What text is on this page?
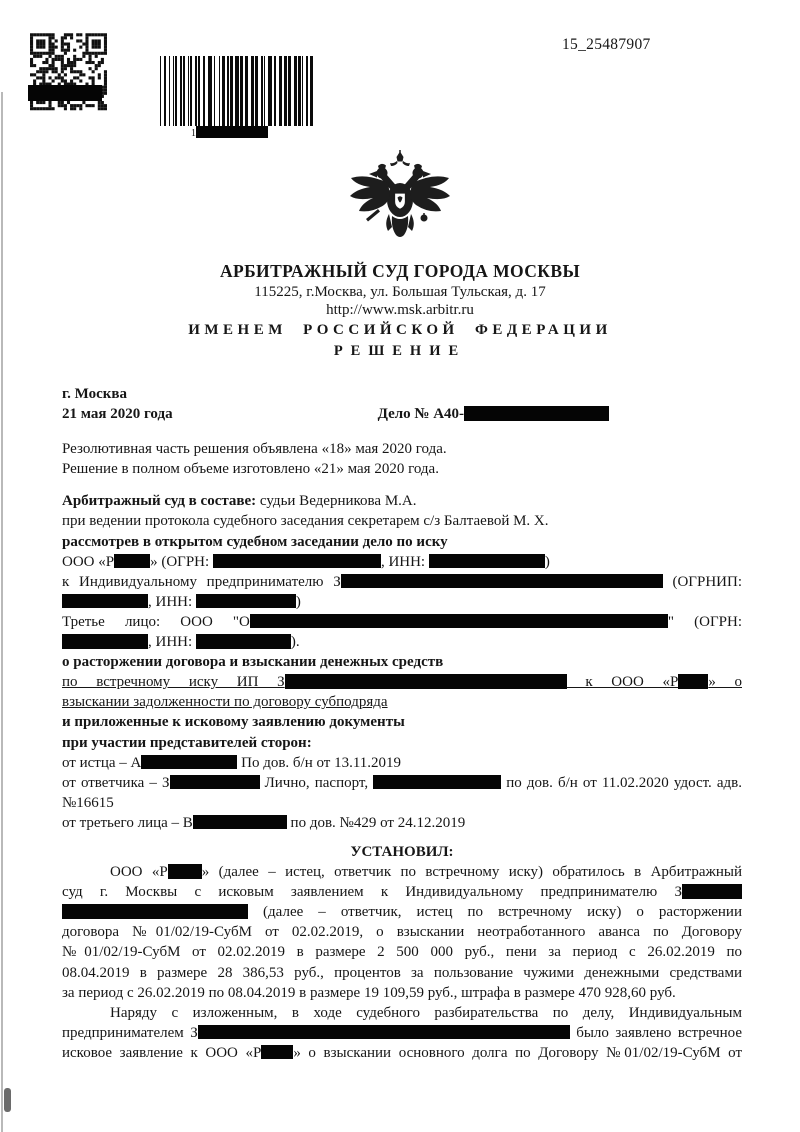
1
15_25487907
АРБИТРАЖНЫЙ СУД ГОРОДА МОСКВЫ
115225, г.Москва, ул. Большая Тульская, д. 17
http://www.msk.arbitr.ru
ИМЕНЕМ РОССИЙСКОЙ ФЕДЕРАЦИИ
РЕШЕНИЕ
г. Москва
21 мая 2020 года	Дело № А40-
Резолютивная часть решения объявлена «18» мая 2020 года.
Решение в полном объеме изготовлено «21» мая 2020 года.
Арбитражный суд в составе: судьи Ведерникова М.А.
при ведении протокола судебного заседания секретарем с/з Балтаевой М. Х.
рассмотрев в открытом судебном заседании дело по иску
ООО «Р » (ОГРН:	, ИНН:	)
к Индивидуальному предпринимателю З	(ОГРНИП:
, ИНН:	)
Третье лицо: ООО "О	" (ОГРН:
, ИНН:	).
о расторжении договора и взыскании денежных средств
по встречному иску ИП З	к ООО «Р » о
взыскании задолженности по договору субподряда
и приложенные к исковому заявлению документы
при участии представителей сторон:
от истца – А	По дов. б/н от 13.11.2019
от ответчика – З	Лично, паспорт,	по дов. б/н от 11.02.2020 удост. адв.
№16615
от третьего лица – В	по дов. №429 от 24.12.2019
УСТАНОВИЛ:
ООО «Р » (далее – истец, ответчик по встречному иску) обратилось в Арбитражный
суд г. Москвы с исковым заявлением к Индивидуальному предпринимателю З
(далее – ответчик, истец по встречному иску) о расторжении
договора №01/02/19-СубМ от 02.02.2019, о взыскании неотработанного аванса по Договору
№01/02/19-СубМ от 02.02.2019 в размере 2 500 000 руб., пени за период с 26.02.2019 по
08.04.2019 в размере 28 386,53 руб., процентов за пользование чужими денежными средствами
за период с 26.02.2019 по 08.04.2019 в размере 19 109,59 руб., штрафа в размере 470 928,60 руб.
Наряду с изложенным, в ходе судебного разбирательства по делу, Индивидуальным
предпринимателем З	было заявлено встречное
исковое заявление к ООО «Р » о взыскании основного долга по Договору №01/02/19-СубМ от
